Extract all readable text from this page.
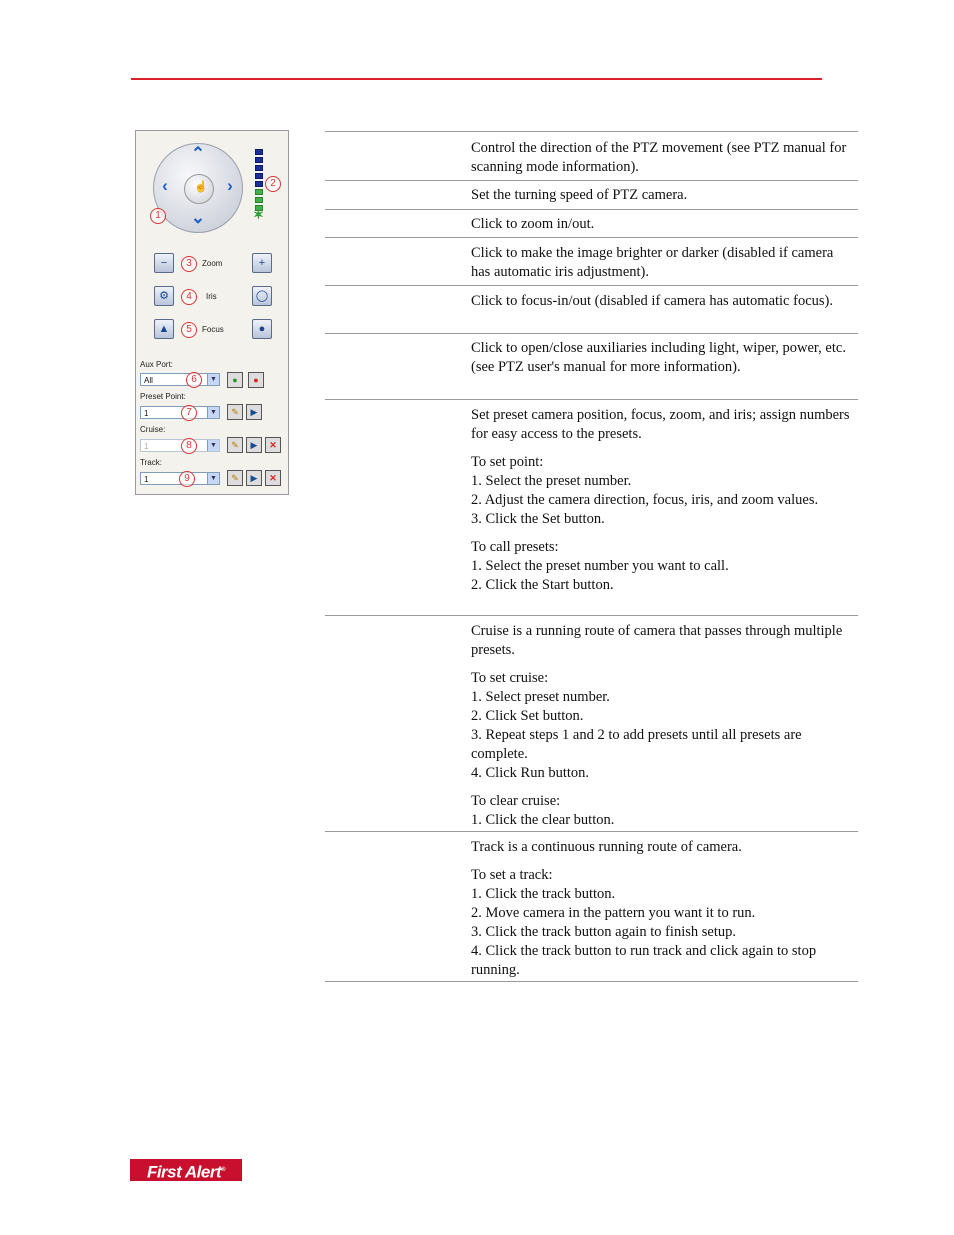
⌃
⌄
‹	›
☝
1
2
✶
−	3	Zoom	+
⚙	4	Iris	◯
▲	5	Focus	●
Aux Port:
All	▼
6	●	●
Preset Point:
1	▼
7	✎	▶
Cruise:
1	▼
8	✎	▶	✕
Track:
1	▼
9	✎	▶	✕

Control the direction of the PTZ movement (see PTZ manual for scanning mode information).

Set the turning speed of PTZ camera.

Click to zoom in/out.

Click to make the image brighter or darker (disabled if camera has automatic iris adjustment).

Click to focus-in/out (disabled if camera has automatic focus).

Click to open/close auxiliaries including light, wiper, power, etc. (see PTZ user's manual for more information).

Set preset camera position, focus, zoom, and iris; assign numbers for easy access to the presets.

To set point:
1. Select the preset number.
2. Adjust the camera direction, focus, iris, and zoom values.
3. Click the Set button.

To call presets:
1. Select the preset number you want to call.
2. Click the Start button.

Cruise is a running route of camera that passes through multiple presets.

To set cruise:
1. Select preset number.
2. Click Set button.
3. Repeat steps 1 and 2 to add presets until all presets are complete.
4. Click Run button.

To clear cruise:
1. Click the clear button.

Track is a continuous running route of camera.

To set a track:
1. Click the track button.
2. Move camera in the pattern you want it to run.
3. Click the track button again to finish setup.
4. Click the track button to run track and click again to stop running.

First Alert®
